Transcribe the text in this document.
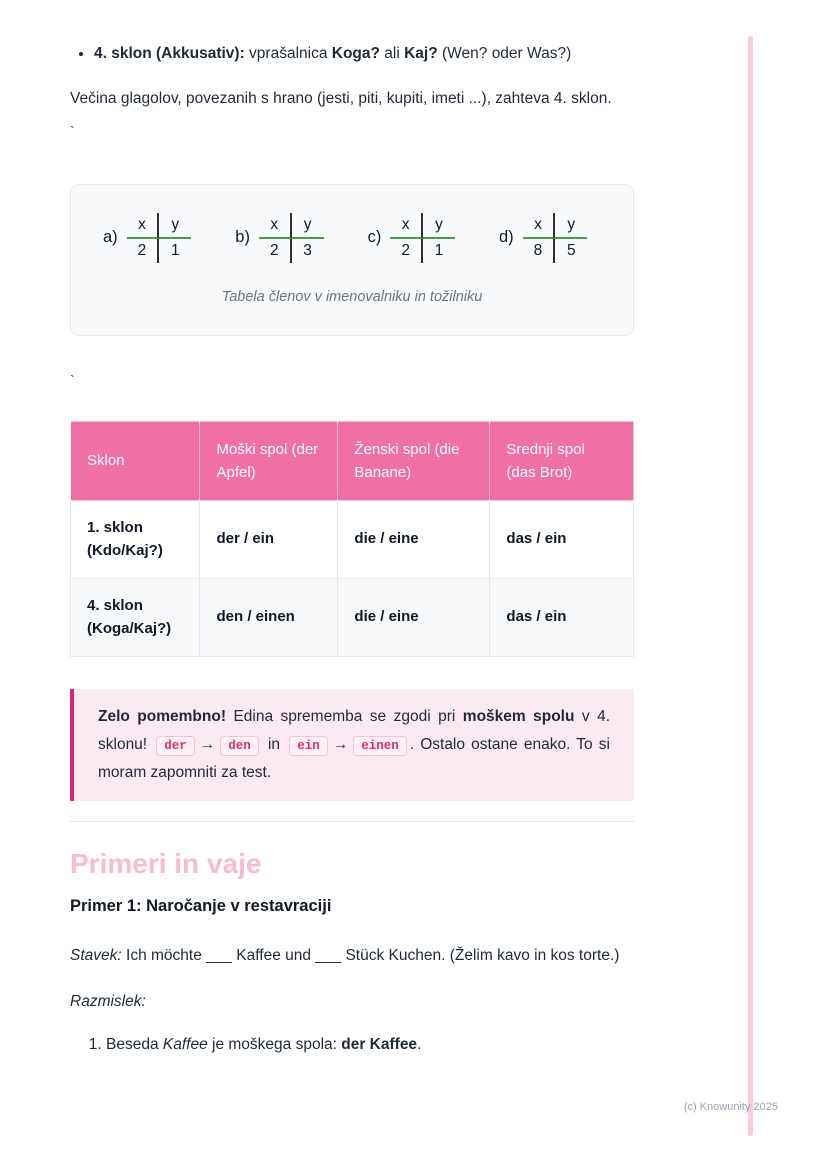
• 4. sklon (Akkusativ): vprašalnica Koga? ali Kaj? (Wen? oder Was?)

Večina glagolov, povezanih s hrano (jesti, piti, kupiti, imeti ...), zahteva 4. sklon.

`
a)
x	y
2	1
b)
x	y
2	3
c)
x	y
2	1
d)
x	y
8	5
Tabela členov v imenovalniku in tožilniku
`
Sklon	Moški spol (der Apfel)	Ženski spol (die Banane)	Srednji spol (das Brot)
1. sklon (Kdo/Kaj?)	der / ein	die / eine	das / ein
4. sklon (Koga/Kaj?)	den / einen	die / eine	das / ein
Zelo pomembno! Edina sprememba se zgodi pri moškem spolu v 4. sklonu! der → den in ein → einen . Ostalo ostane enako. To si moram zapomniti za test.
Primeri in vaje
Primer 1: Naročanje v restavraciji

Stavek: Ich möchte ___ Kaffee und ___ Stück Kuchen. (Želim kavo in kos torte.)

Razmislek:

1. Beseda Kaffee je moškega spola: der Kaffee.
(c) Knowunity 2025
